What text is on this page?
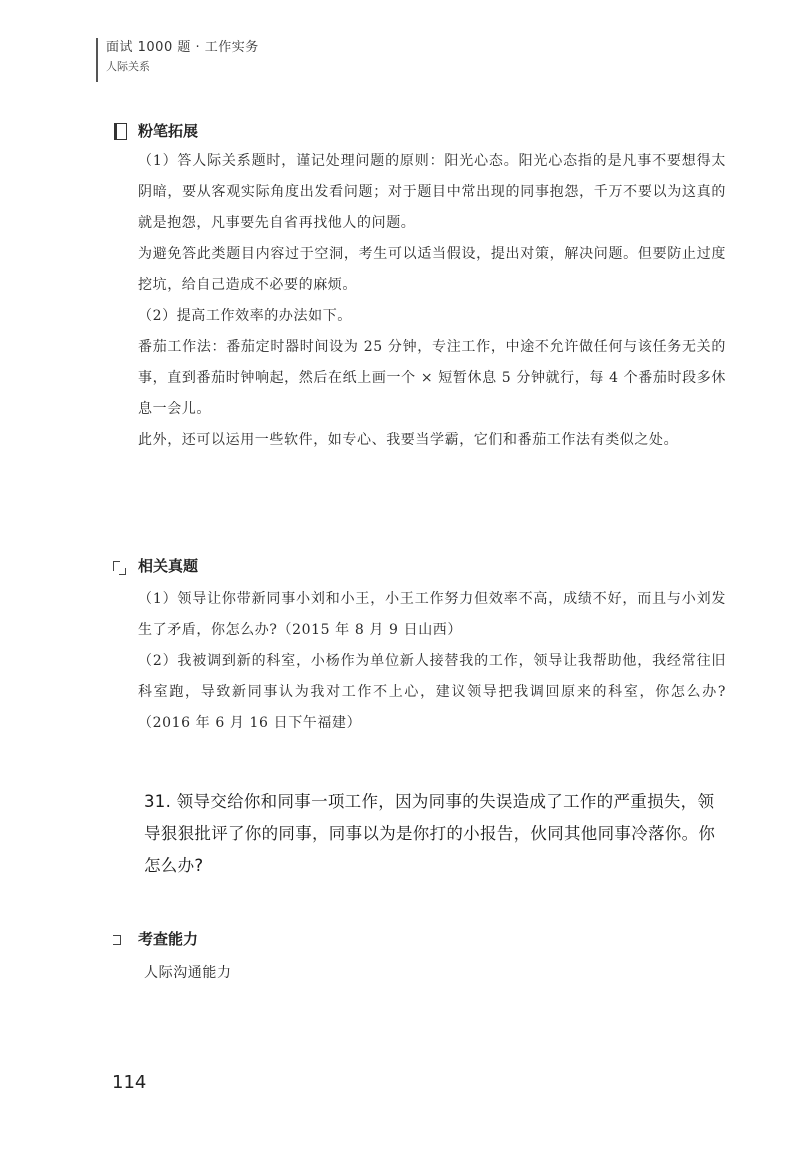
面试 1000 题 · 工作实务
人际关系
粉笔拓展
（1）答人际关系题时，谨记处理问题的原则：阳光心态。阳光心态指的是凡事不要想得太阴暗，要从客观实际角度出发看问题；对于题目中常出现的同事抱怨，千万不要以为这真的就是抱怨，凡事要先自省再找他人的问题。
为避免答此类题目内容过于空洞，考生可以适当假设，提出对策，解决问题。但要防止过度挖坑，给自己造成不必要的麻烦。
（2）提高工作效率的办法如下。
番茄工作法：番茄定时器时间设为 25 分钟，专注工作，中途不允许做任何与该任务无关的事，直到番茄时钟响起，然后在纸上画一个 × 短暂休息 5 分钟就行，每 4 个番茄时段多休息一会儿。
此外，还可以运用一些软件，如专心、我要当学霸，它们和番茄工作法有类似之处。
相关真题
（1）领导让你带新同事小刘和小王，小王工作努力但效率不高，成绩不好，而且与小刘发生了矛盾，你怎么办?（2015 年 8 月 9 日山西）
（2）我被调到新的科室，小杨作为单位新人接替我的工作，领导让我帮助他，我经常往旧科室跑，导致新同事认为我对工作不上心，建议领导把我调回原来的科室，你怎么办?（2016 年 6 月 16 日下午福建）
31. 领导交给你和同事一项工作，因为同事的失误造成了工作的严重损失，领导狠狠批评了你的同事，同事以为是你打的小报告，伙同其他同事冷落你。你怎么办?
考查能力
人际沟通能力
114
